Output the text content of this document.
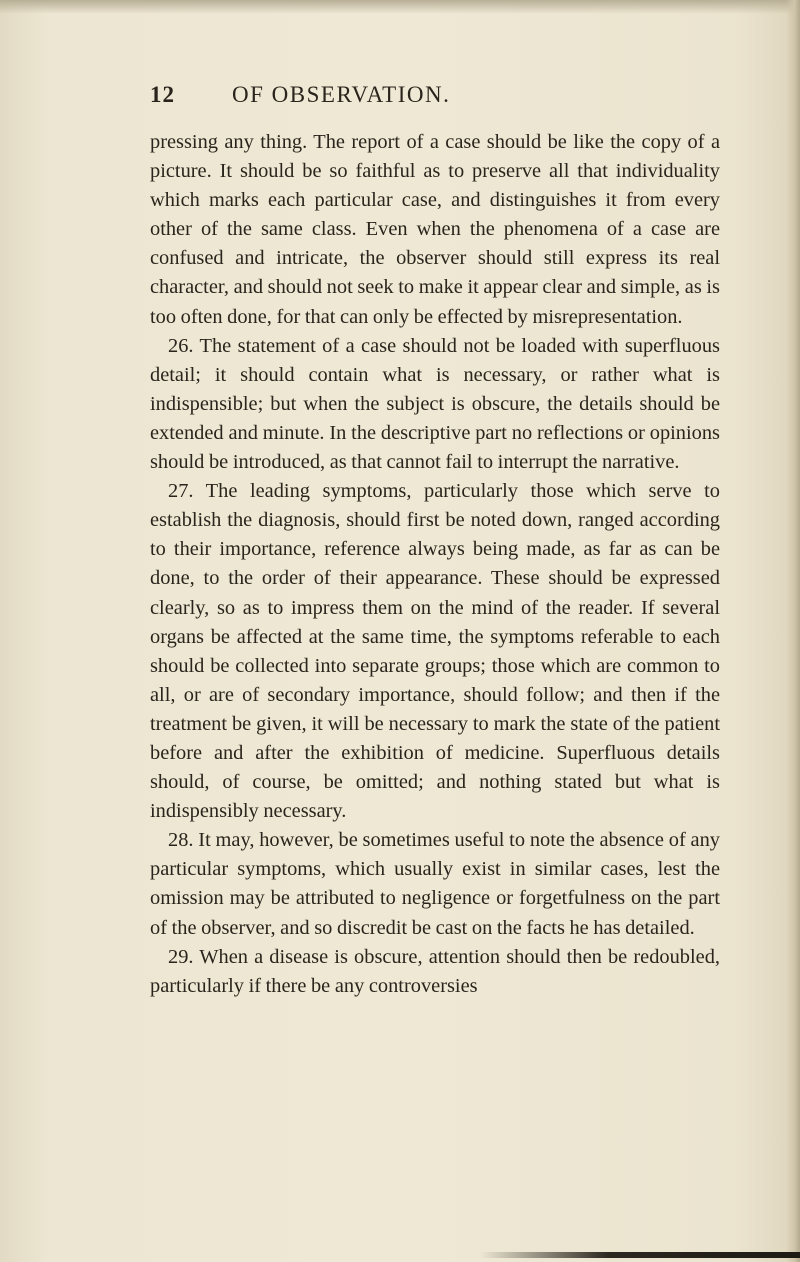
12 OF OBSERVATION.

pressing any thing. The report of a case should be like the copy of a picture. It should be so faithful as to preserve all that individuality which marks each particular case, and distinguishes it from every other of the same class. Even when the phenomena of a case are confused and intricate, the observer should still express its real character, and should not seek to make it appear clear and simple, as is too often done, for that can only be effected by misrepresentation.

26. The statement of a case should not be loaded with superfluous detail; it should contain what is necessary, or rather what is indispensible; but when the subject is obscure, the details should be extended and minute. In the descriptive part no reflections or opinions should be introduced, as that cannot fail to interrupt the narrative.

27. The leading symptoms, particularly those which serve to establish the diagnosis, should first be noted down, ranged according to their importance, reference always being made, as far as can be done, to the order of their appearance. These should be expressed clearly, so as to impress them on the mind of the reader. If several organs be affected at the same time, the symptoms referable to each should be collected into separate groups; those which are common to all, or are of secondary importance, should follow; and then if the treatment be given, it will be necessary to mark the state of the patient before and after the exhibition of medicine. Superfluous details should, of course, be omitted; and nothing stated but what is indispensibly necessary.

28. It may, however, be sometimes useful to note the absence of any particular symptoms, which usually exist in similar cases, lest the omission may be attributed to negligence or forgetfulness on the part of the observer, and so discredit be cast on the facts he has detailed.

29. When a disease is obscure, attention should then be redoubled, particularly if there be any controversies
